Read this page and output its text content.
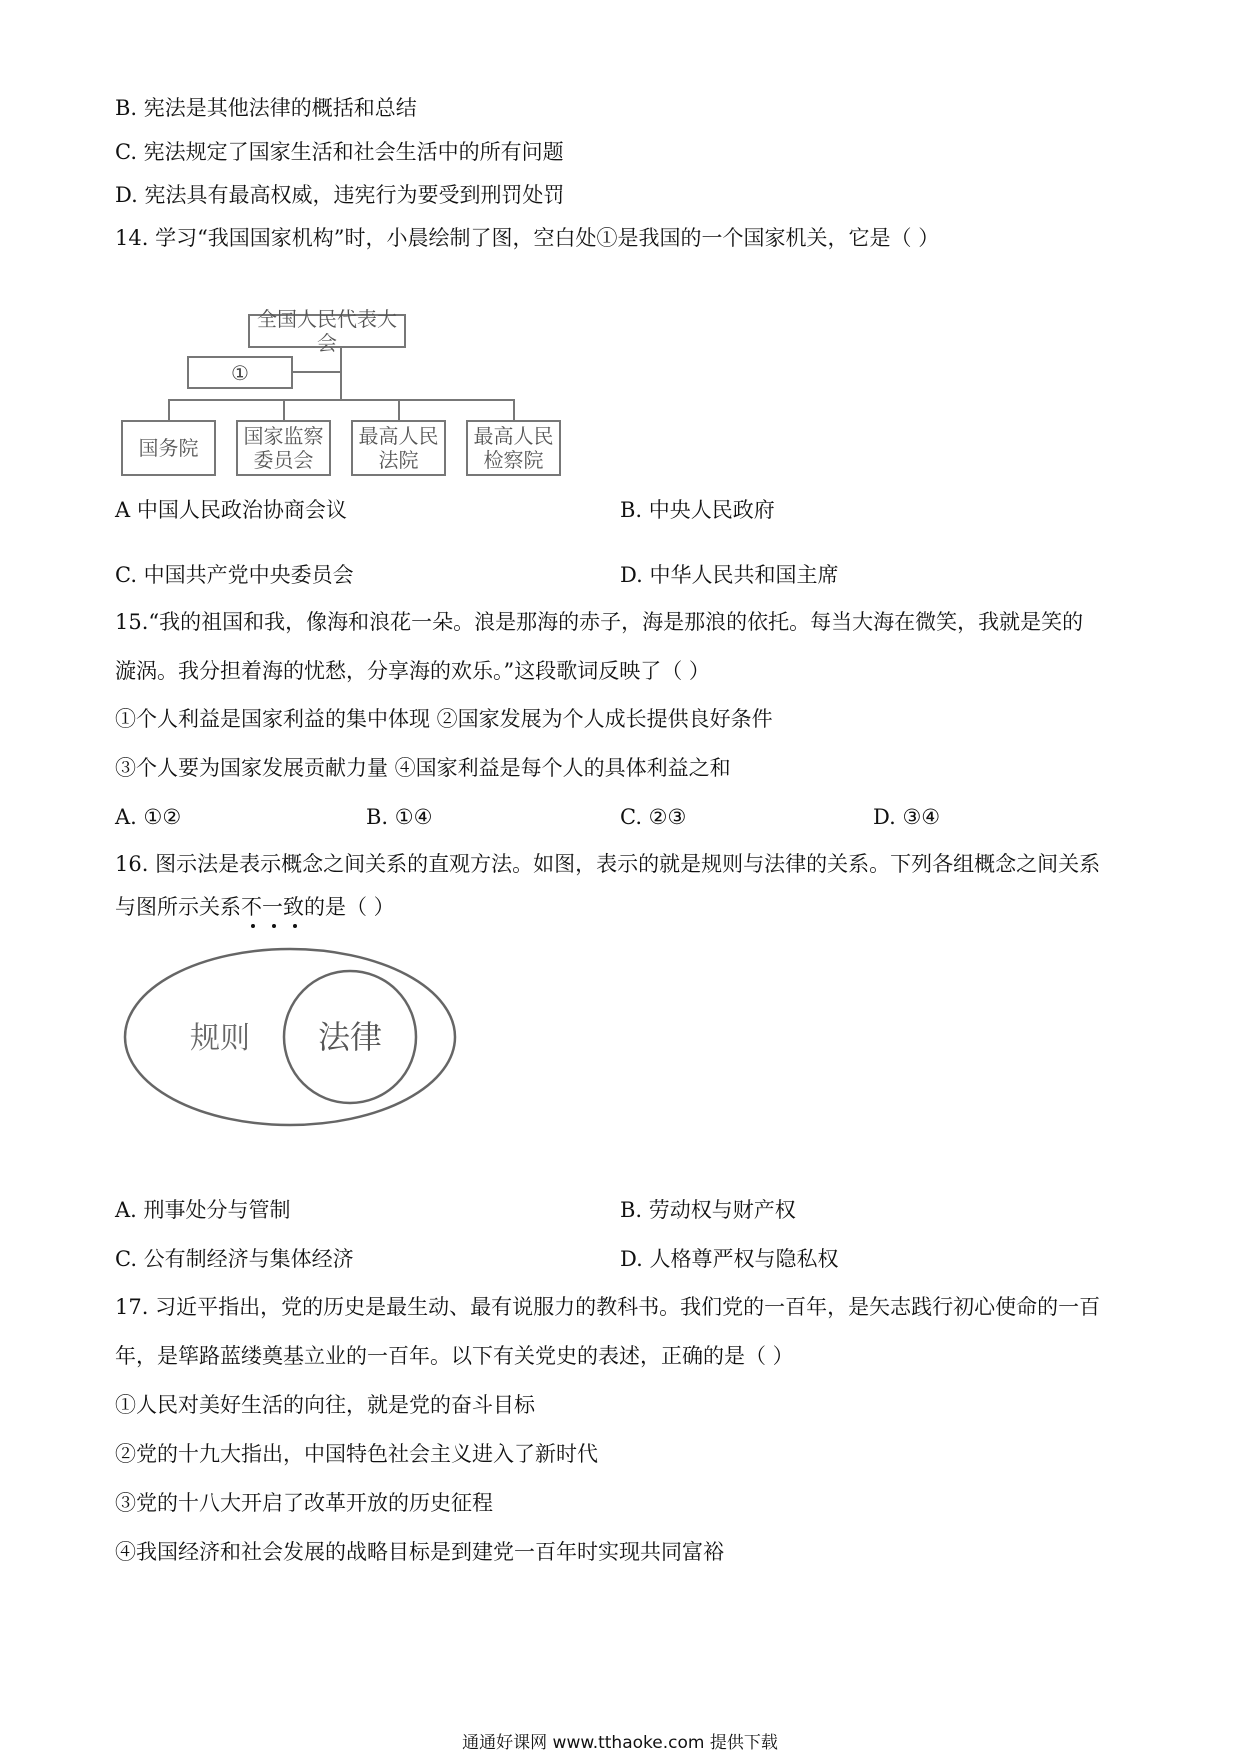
B. 宪法是其他法律的概括和总结
C. 宪法规定了国家生活和社会生活中的所有问题
D. 宪法具有最高权威，违宪行为要受到刑罚处罚
14. 学习“我国国家机构”时，小晨绘制了图，空白处①是我国的一个国家机关，它是（ ）
全国人民代表大会
①
国务院	国家监察
委员会
最高人民
法院
最高人民
检察院
A 中国人民政治协商会议	B. 中央人民政府
C. 中国共产党中央委员会	D. 中华人民共和国主席
15.“我的祖国和我，像海和浪花一朵。浪是那海的赤子，海是那浪的依托。每当大海在微笑，我就是笑的
漩涡。我分担着海的忧愁，分享海的欢乐。”这段歌词反映了（ ）
①个人利益是国家利益的集中体现 ②国家发展为个人成长提供良好条件
③个人要为国家发展贡献力量 ④国家利益是每个人的具体利益之和
A. ①②	B. ①④	C. ②③	D. ③④
16. 图示法是表示概念之间关系的直观方法。如图，表示的就是规则与法律的关系。下列各组概念之间关系
与图所示关系不一致的是（ ）
规则 法律
A. 刑事处分与管制	B. 劳动权与财产权
C. 公有制经济与集体经济	D. 人格尊严权与隐私权
17. 习近平指出，党的历史是最生动、最有说服力的教科书。我们党的一百年，是矢志践行初心使命的一百
年，是筚路蓝缕奠基立业的一百年。以下有关党史的表述，正确的是（ ）
①人民对美好生活的向往，就是党的奋斗目标
②党的十九大指出，中国特色社会主义进入了新时代
③党的十八大开启了改革开放的历史征程
④我国经济和社会发展的战略目标是到建党一百年时实现共同富裕
通通好课网 www.tthaoke.com 提供下载
